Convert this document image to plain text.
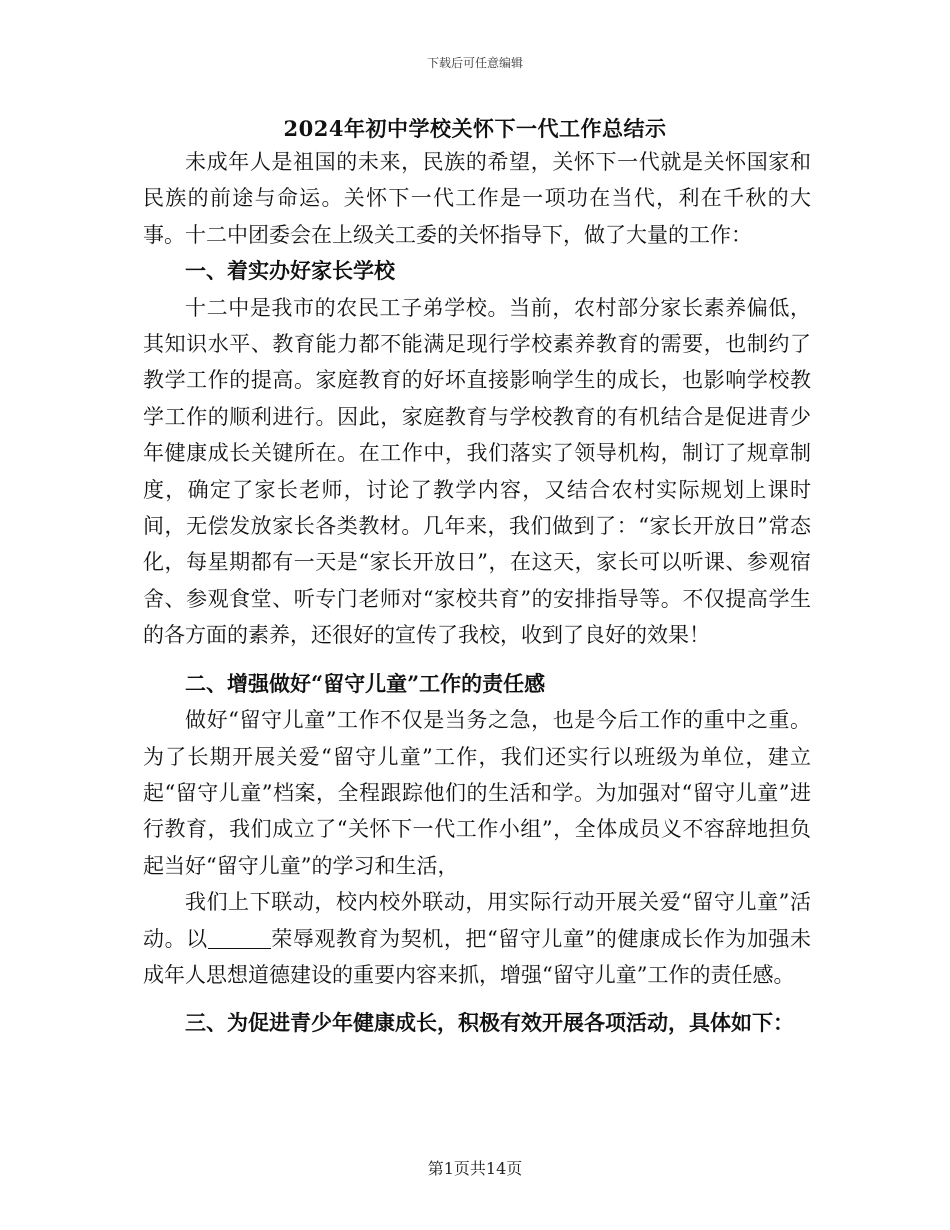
下载后可任意编辑
2024年初中学校关怀下一代工作总结示

未成年人是祖国的未来，民族的希望，关怀下一代就是关怀国家和民族的前途与命运。关怀下一代工作是一项功在当代，利在千秋的大事。十二中团委会在上级关工委的关怀指导下，做了大量的工作：

一、着实办好家长学校

十二中是我市的农民工子弟学校。当前，农村部分家长素养偏低，其知识水平、教育能力都不能满足现行学校素养教育的需要，也制约了教学工作的提高。家庭教育的好坏直接影响学生的成长，也影响学校教学工作的顺利进行。因此，家庭教育与学校教育的有机结合是促进青少年健康成长关键所在。在工作中，我们落实了领导机构，制订了规章制度，确定了家长老师，讨论了教学内容，又结合农村实际规划上课时间，无偿发放家长各类教材。几年来，我们做到了：“家长开放日”常态化，每星期都有一天是“家长开放日”，在这天，家长可以听课、参观宿舍、参观食堂、听专门老师对“家校共育”的安排指导等。不仅提高学生的各方面的素养，还很好的宣传了我校，收到了良好的效果！

二、增强做好“留守儿童”工作的责任感

做好“留守儿童”工作不仅是当务之急，也是今后工作的重中之重。为了长期开展关爱“留守儿童”工作，我们还实行以班级为单位，建立起“留守儿童”档案，全程跟踪他们的生活和学。为加强对“留守儿童”进行教育，我们成立了“关怀下一代工作小组”，全体成员义不容辞地担负起当好“留守儿童”的学习和生活，

我们上下联动，校内校外联动，用实际行动开展关爱“留守儿童”活动。以	荣辱观教育为契机，把“留守儿童”的健康成长作为加强未成年人思想道德建设的重要内容来抓，增强“留守儿童”工作的责任感。

三、为促进青少年健康成长，积极有效开展各项活动，具体如下：
第1页共14页
